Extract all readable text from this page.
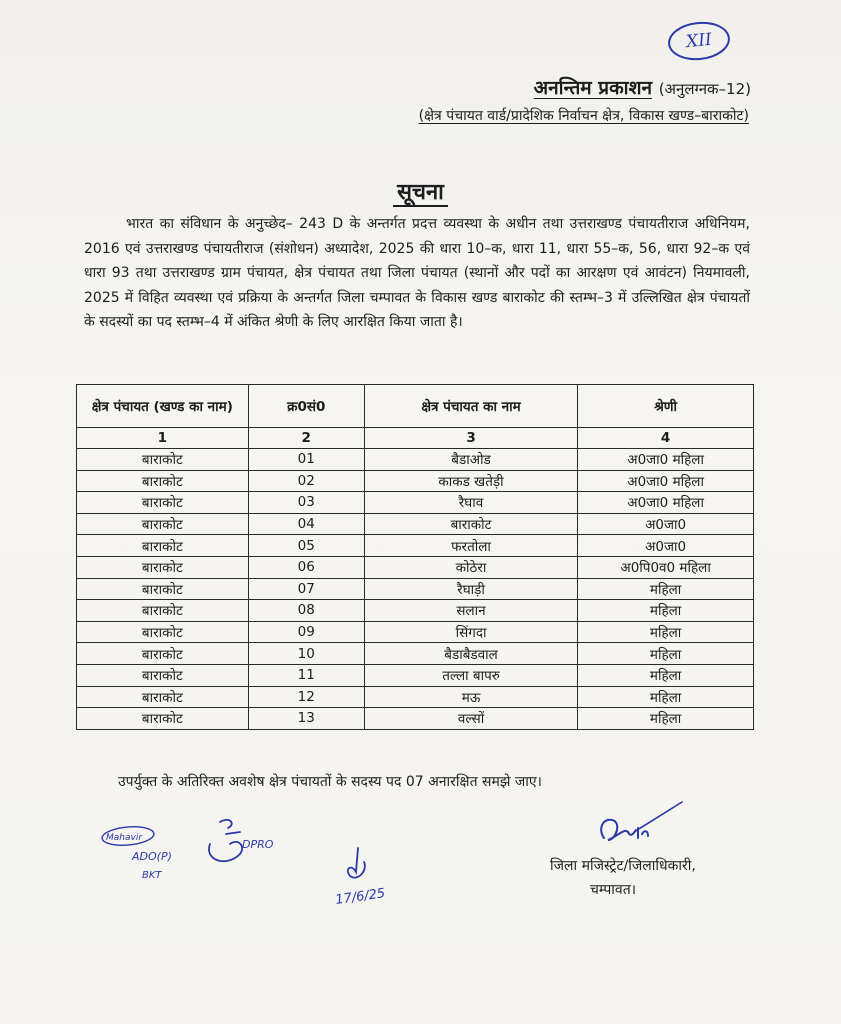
XII
अनन्तिम प्रकाशन (अनुलग्नक–12)
(क्षेत्र पंचायत वार्ड/प्रादेशिक निर्वाचन क्षेत्र, विकास खण्ड–बाराकोट)
सूचना

भारत का संविधान के अनुच्छेद– 243 D के अन्तर्गत प्रदत्त व्यवस्था के अधीन तथा उत्तराखण्ड पंचायतीराज अधिनियम, 2016 एवं उत्तराखण्ड पंचायतीराज (संशोधन) अध्यादेश, 2025 की धारा 10–क, धारा 11, धारा 55–क, 56, धारा 92–क एवं धारा 93 तथा उत्तराखण्ड ग्राम पंचायत, क्षेत्र पंचायत तथा जिला पंचायत (स्थानों और पदों का आरक्षण एवं आवंटन) नियमावली, 2025 में विहित व्यवस्था एवं प्रक्रिया के अन्तर्गत जिला चम्पावत के विकास खण्ड बाराकोट की स्तम्भ–3 में उल्लिखित क्षेत्र पंचायतों के सदस्यों का पद स्तम्भ–4 में अंकित श्रेणी के लिए आरक्षित किया जाता है।

क्षेत्र पंचायत (खण्ड का नाम)	क्र0सं0	क्षेत्र पंचायत का नाम	श्रेणी
1	2	3	4
बाराकोट	01	बैडाओड	अ0जा0 महिला
बाराकोट	02	काकड खतेड़ी	अ0जा0 महिला
बाराकोट	03	रैघाव	अ0जा0 महिला
बाराकोट	04	बाराकोट	अ0जा0
बाराकोट	05	फरतोला	अ0जा0
बाराकोट	06	कोठेरा	अ0पि0व0 महिला
बाराकोट	07	रैघाड़ी	महिला
बाराकोट	08	सलान	महिला
बाराकोट	09	सिंगदा	महिला
बाराकोट	10	बैडाबैडवाल	महिला
बाराकोट	11	तल्ला बापरु	महिला
बाराकोट	12	मऊ	महिला
बाराकोट	13	वल्सों	महिला
उपर्युक्त के अतिरिक्त अवशेष क्षेत्र पंचायतों के सदस्य पद 07 अनारक्षित समझे जाए।
जिला मजिस्ट्रेट/जिलाधिकारी,
चम्पावत।
Mahavir
ADO(P)
BKT
DPRO
17/6/25
